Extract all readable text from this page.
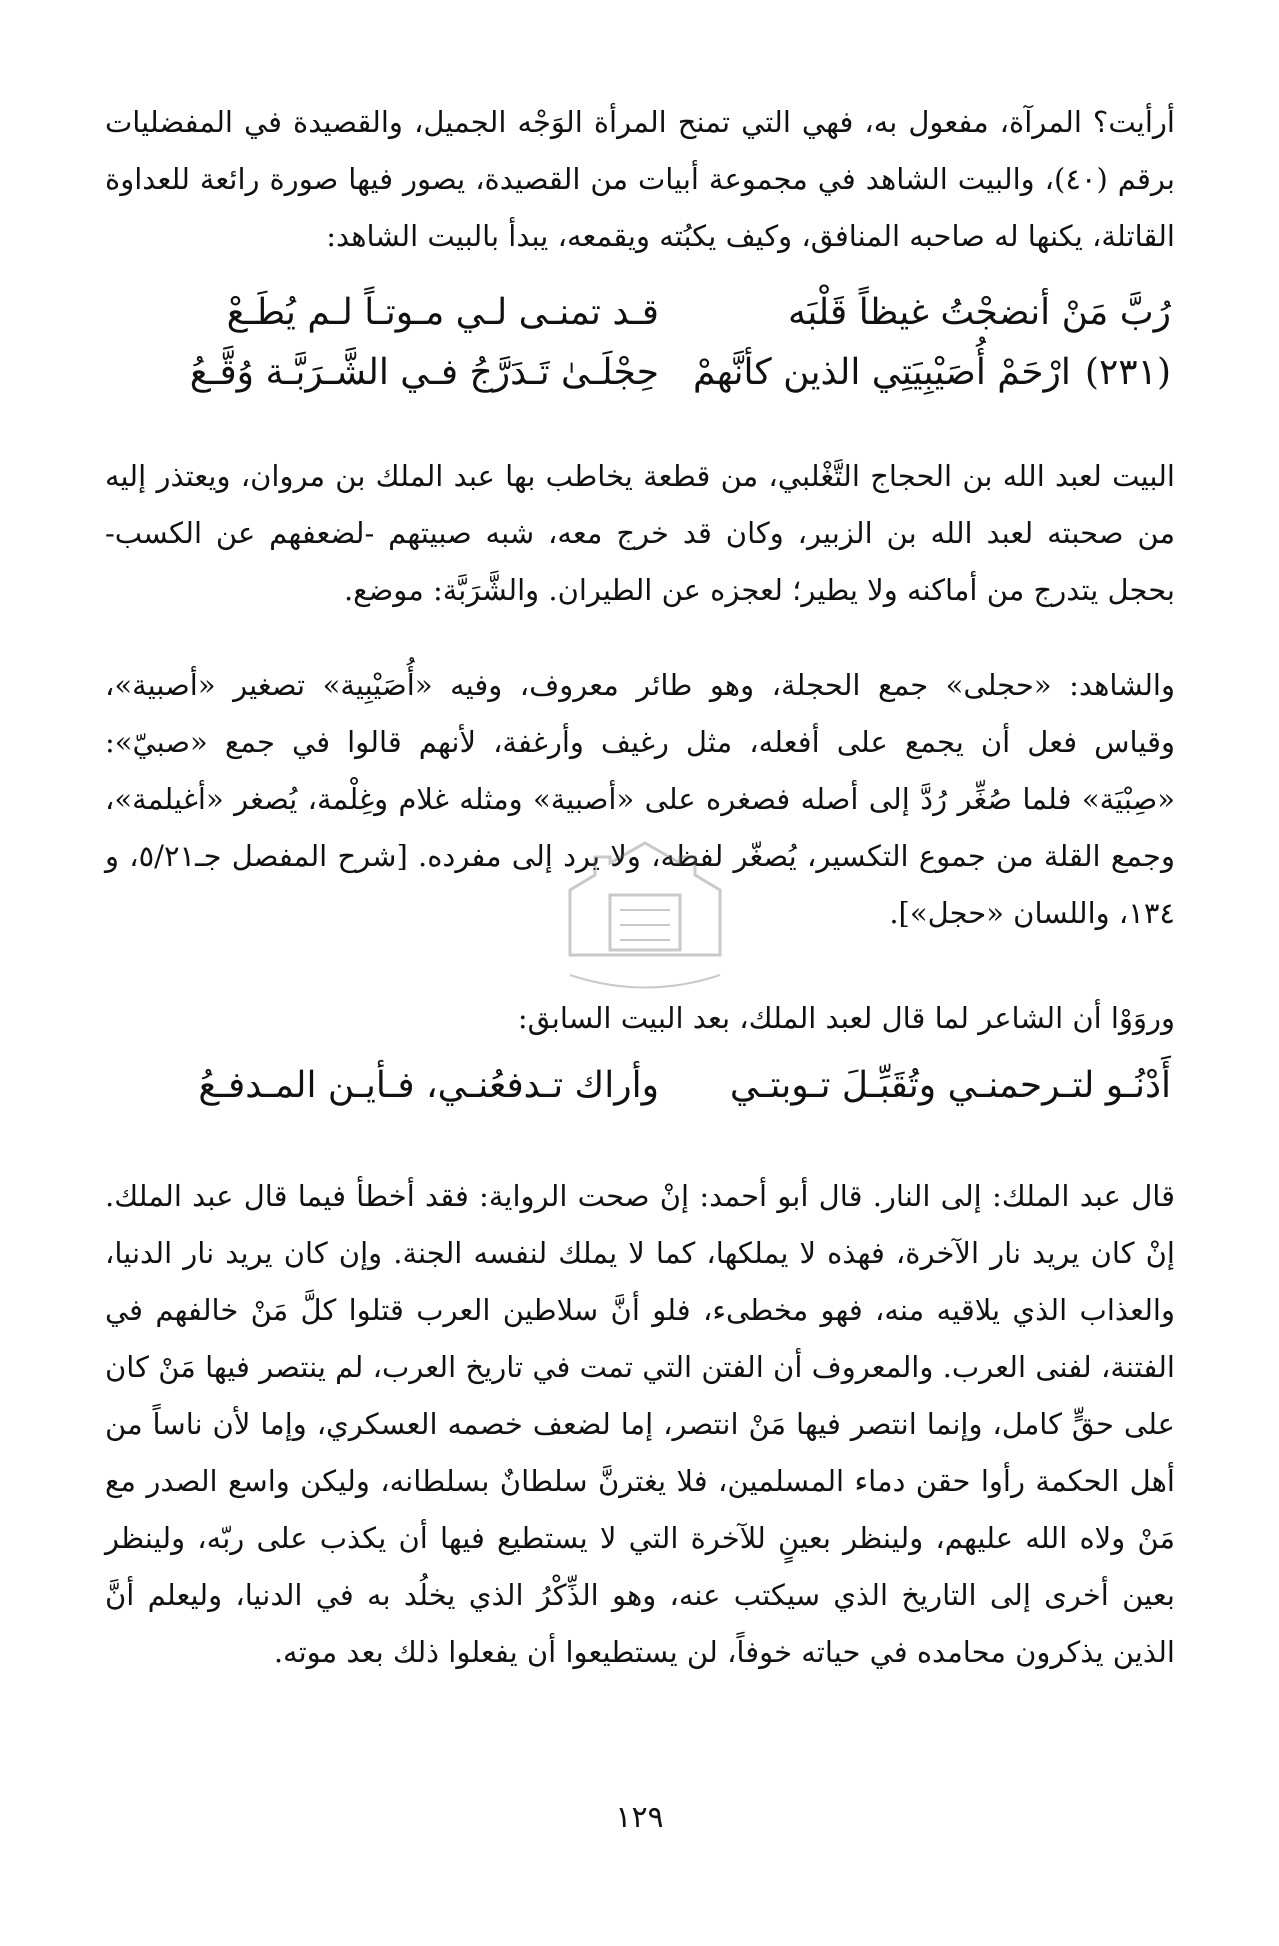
أرأيت؟ المرآة، مفعول به، فهي التي تمنح المرأة الوَجْه الجميل، والقصيدة في المفضليات برقم (٤٠)، والبيت الشاهد في مجموعة أبيات من القصيدة، يصور فيها صورة رائعة للعداوة القاتلة، يكنها له صاحبه المنافق، وكيف يكبُته ويقمعه، يبدأ بالبيت الشاهد:

رُبَّ مَنْ أنضجْتُ غيظاً قَلْبَه
قـد تمنـى لـي مـوتـاً لـم يُطَـعْ
(٢٣١)ارْحَمْ أُصَيْبِيَتِي الذين كأنَّهمْ
حِجْلَـىٰ تَـدَرَّجُ فـي الشَّـرَبَّـة وُقَّـعُ

البيت لعبد الله بن الحجاج التَّغْلبي، من قطعة يخاطب بها عبد الملك بن مروان، ويعتذر إليه من صحبته لعبد الله بن الزبير، وكان قد خرج معه، شبه صبيتهم -لضعفهم عن الكسب- بحجل يتدرج من أماكنه ولا يطير؛ لعجزه عن الطيران. والشَّرَبَّة: موضع.

والشاهد: «حجلى» جمع الحجلة، وهو طائر معروف، وفيه «أُصَيْبِية» تصغير «أصبية»، وقياس فعل أن يجمع على أفعله، مثل رغيف وأرغفة، لأنهم قالوا في جمع «صبيّ»: «صِبْيَة» فلما صُغِّر رُدَّ إلى أصله فصغره على «أصبية» ومثله غلام وغِلْمة، يُصغر «أغيلمة»، وجمع القلة من جموع التكسير، يُصغّر لفظه، ولا يرد إلى مفرده. [شرح المفصل جـ٥/٢١، و ١٣٤، واللسان «حجل»].

وروَوْا أن الشاعر لما قال لعبد الملك، بعد البيت السابق:

أَدْنُـو لتـرحمنـي وتُقَبِّـلَ تـوبتـي
وأراك تـدفعُنـي، فـأيـن المـدفـعُ

قال عبد الملك: إلى النار. قال أبو أحمد: إنْ صحت الرواية: فقد أخطأ فيما قال عبد الملك. إنْ كان يريد نار الآخرة، فهذه لا يملكها، كما لا يملك لنفسه الجنة. وإن كان يريد نار الدنيا، والعذاب الذي يلاقيه منه، فهو مخطىء، فلو أنَّ سلاطين العرب قتلوا كلَّ مَنْ خالفهم في الفتنة، لفنى العرب. والمعروف أن الفتن التي تمت في تاريخ العرب، لم ينتصر فيها مَنْ كان على حقٍّ كامل، وإنما انتصر فيها مَنْ انتصر، إما لضعف خصمه العسكري، وإما لأن ناساً من أهل الحكمة رأوا حقن دماء المسلمين، فلا يغترنَّ سلطانٌ بسلطانه، وليكن واسع الصدر مع مَنْ ولاه الله عليهم، ولينظر بعينٍ للآخرة التي لا يستطيع فيها أن يكذب على ربّه، ولينظر بعين أخرى إلى التاريخ الذي سيكتب عنه، وهو الذِّكْرُ الذي يخلُد به في الدنيا، وليعلم أنَّ الذين يذكرون محامده في حياته خوفاً، لن يستطيعوا أن يفعلوا ذلك بعد موته.

١٢٩
